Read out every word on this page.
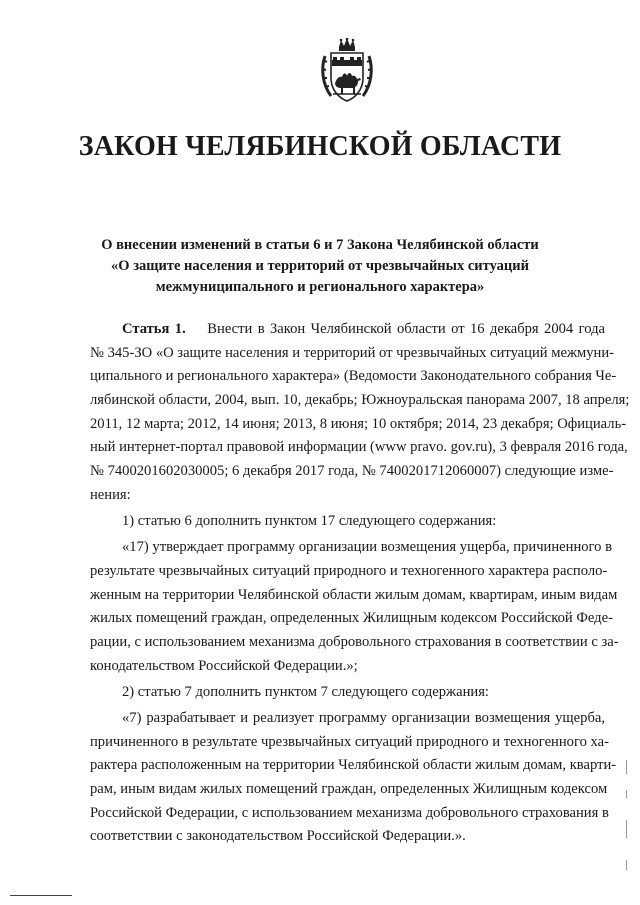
ЗАКОН ЧЕЛЯБИНСКОЙ ОБЛАСТИ
О внесении изменений в статьи 6 и 7 Закона Челябинской области
«О защите населения и территорий от чрезвычайных ситуаций
межмуниципального и регионального характера»
Статья 1. Внести в Закон Челябинской области от 16 декабря 2004 года
№ 345-ЗО «О защите населения и территорий от чрезвычайных ситуаций межмуни-
ципального и регионального характера» (Ведомости Законодательного собрания Че-
лябинской области, 2004, вып. 10, декабрь; Южноуральская панорама 2007, 18 апреля;
2011, 12 марта; 2012, 14 июня; 2013, 8 июня; 10 октября; 2014, 23 декабря; Официаль-
ный интернет-портал правовой информации (www pravo. gov.ru), 3 февраля 2016 года,
№ 7400201602030005; 6 декабря 2017 года, № 7400201712060007) следующие изме-
нения:
1) статью 6 дополнить пунктом 17 следующего содержания:
«17) утверждает программу организации возмещения ущерба, причиненного в
результате чрезвычайных ситуаций природного и техногенного характера располо-
женным на территории Челябинской области жилым домам, квартирам, иным видам
жилых помещений граждан, определенных Жилищным кодексом Российской Феде-
рации, с использованием механизма добровольного страхования в соответствии с за-
конодательством Российской Федерации.»;
2) статью 7 дополнить пунктом 7 следующего содержания:
«7) разрабатывает и реализует программу организации возмещения ущерба,
причиненного в результате чрезвычайных ситуаций природного и техногенного ха-
рактера расположенным на территории Челябинской области жилым домам, кварти-
рам, иным видам жилых помещений граждан, определенных Жилищным кодексом
Российской Федерации, с использованием механизма добровольного страхования в
соответствии с законодательством Российской Федерации.».
